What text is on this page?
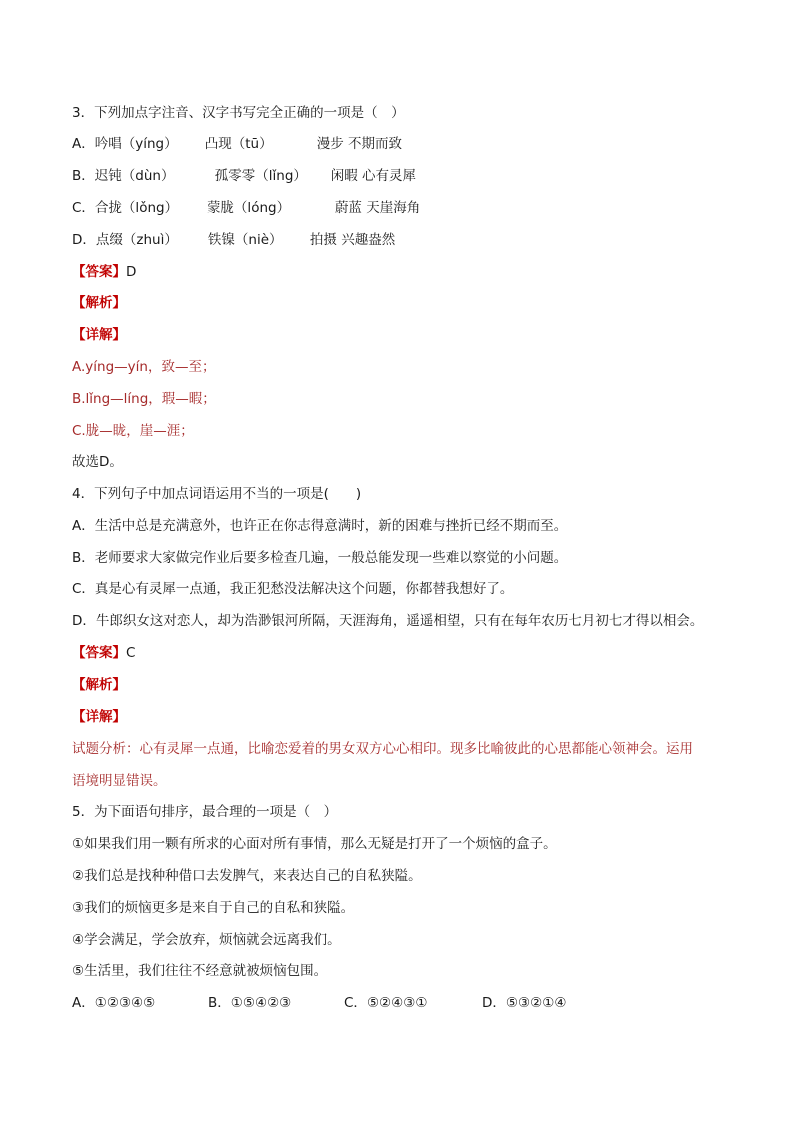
3．下列加点字注音、汉字书写完全正确的一项是（　）
A．吟唱（yíng） 凸现（tū）	漫步 不期而致
B．迟钝（dùn）	孤零零（lǐng） 闲暇 心有灵犀
C．合拢（lǒng） 蒙胧（lóng）	蔚蓝 天崖海角
D．点缀（zhuì） 铁镍（niè） 拍摄 兴趣盎然
【答案】D
【解析】
【详解】
A.yíng—yín，致—至；
B.lǐng—líng，瑕—暇；
C.胧—眬，崖—涯；
故选D。
4．下列句子中加点词语运用不当的一项是(　　)
A．生活中总是充满意外，也许正在你志得意满时，新的困难与挫折已经不期而至。
B．老师要求大家做完作业后要多检查几遍，一般总能发现一些难以察觉的小问题。
C．真是心有灵犀一点通，我正犯愁没法解决这个问题，你都替我想好了。
D．牛郎织女这对恋人，却为浩渺银河所隔，天涯海角，遥遥相望，只有在每年农历七月初七才得以相会。
【答案】C
【解析】
【详解】
试题分析：心有灵犀一点通，比喻恋爱着的男女双方心心相印。现多比喻彼此的心思都能心领神会。运用
语境明显错误。
5．为下面语句排序，最合理的一项是（　）
①如果我们用一颗有所求的心面对所有事情，那么无疑是打开了一个烦恼的盒子。
②我们总是找种种借口去发脾气，来表达自己的自私狭隘。
③我们的烦恼更多是来自于自己的自私和狭隘。
④学会满足，学会放弃，烦恼就会远离我们。
⑤生活里，我们往往不经意就被烦恼包围。
A．①②③④⑤	B．①⑤④②③	C．⑤②④③①	D．⑤③②①④
